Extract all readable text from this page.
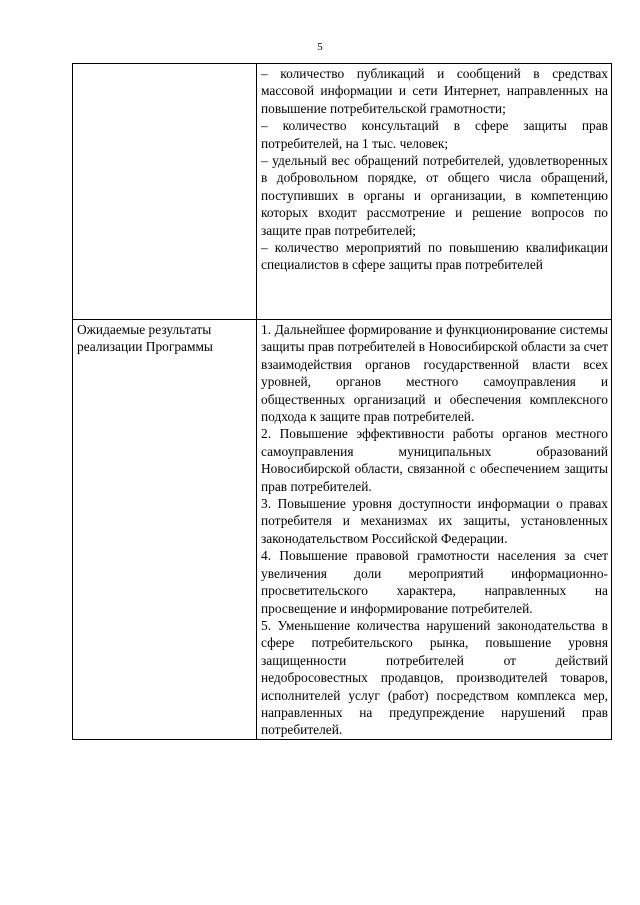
5

	– количество публикаций и сообщений в средствах массовой информации и сети Интернет, направленных на повышение потребительской грамотности;
– количество консультаций в сфере защиты прав потребителей, на 1 тыс. человек;
– удельный вес обращений потребителей, удовлетворенных в добровольном порядке, от общего числа обращений, поступивших в органы и организации, в компетенцию которых входит рассмотрение и решение вопросов по защите прав потребителей;
– количество мероприятий по повышению квалификации специалистов в сфере защиты прав потребителей

Ожидаемые результаты реализации Программы	1. Дальнейшее формирование и функционирование системы защиты прав потребителей в Новосибирской области за счет взаимодействия органов государственной власти всех уровней, органов местного самоуправления и общественных организаций и обеспечения комплексного подхода к защите прав потребителей.
2. Повышение эффективности работы органов местного самоуправления муниципальных образований Новосибирской области, связанной с обеспечением защиты прав потребителей.
3. Повышение уровня доступности информации о правах потребителя и механизмах их защиты, установленных законодательством Российской Федерации.
4. Повышение правовой грамотности населения за счет увеличения доли мероприятий информационно-просветительского характера, направленных на просвещение и информирование потребителей.
5. Уменьшение количества нарушений законодательства в сфере потребительского рынка, повышение уровня защищенности потребителей от действий недобросовестных продавцов, производителей товаров, исполнителей услуг (работ) посредством комплекса мер, направленных на предупреждение нарушений прав потребителей.
